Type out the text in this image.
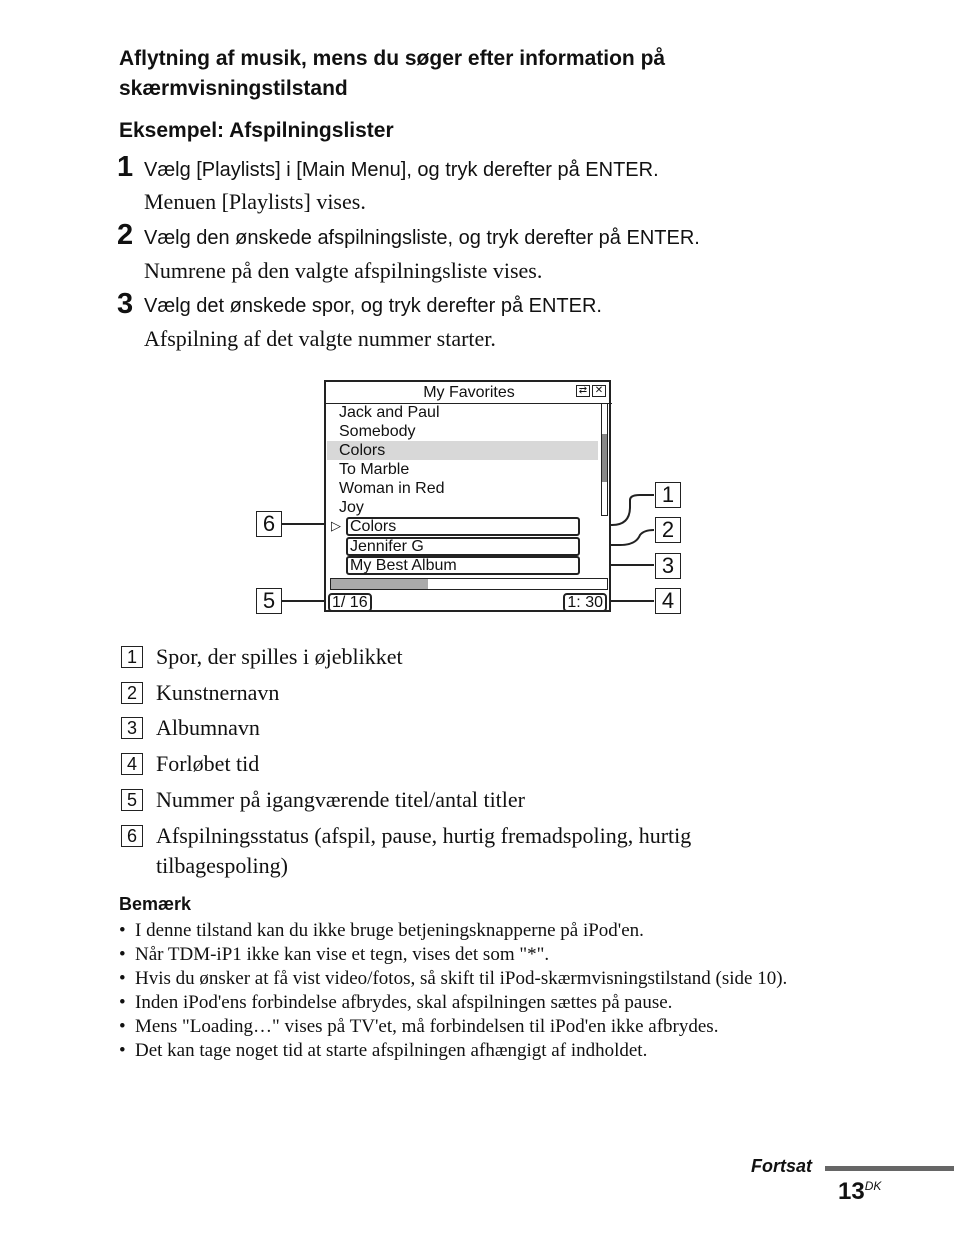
Aflytning af musik, mens du søger efter information på skærmvisningstilstand
Eksempel: Afspilningslister
1 Vælg [Playlists] i [Main Menu], og tryk derefter på ENTER.
Menuen [Playlists] vises.
2 Vælg den ønskede afspilningsliste, og tryk derefter på ENTER.
Numrene på den valgte afspilningsliste vises.
3 Vælg det ønskede spor, og tryk derefter på ENTER.
Afspilning af det valgte nummer starter.
My Favorites	⇄ ✕
Jack and Paul
Somebody
Colors
To Marble
Woman in Red
Joy
▷ Colors
Jennifer G
My Best Album
1/ 16	1: 30
1
2
3
4
5
6
1 Spor, der spilles i øjeblikket
2 Kunstnernavn
3 Albumnavn
4 Forløbet tid
5 Nummer på igangværende titel/antal titler
6 Afspilningsstatus (afspil, pause, hurtig fremadspoling, hurtig tilbagespoling)
Bemærk
• I denne tilstand kan du ikke bruge betjeningsknapperne på iPod'en.
• Når TDM-iP1 ikke kan vise et tegn, vises det som "*".
• Hvis du ønsker at få vist video/fotos, så skift til iPod-skærmvisningstilstand (side 10).
• Inden iPod'ens forbindelse afbrydes, skal afspilningen sættes på pause.
• Mens "Loading…" vises på TV'et, må forbindelsen til iPod'en ikke afbrydes.
• Det kan tage noget tid at starte afspilningen afhængigt af indholdet.
Fortsat
$13^{DK}$
